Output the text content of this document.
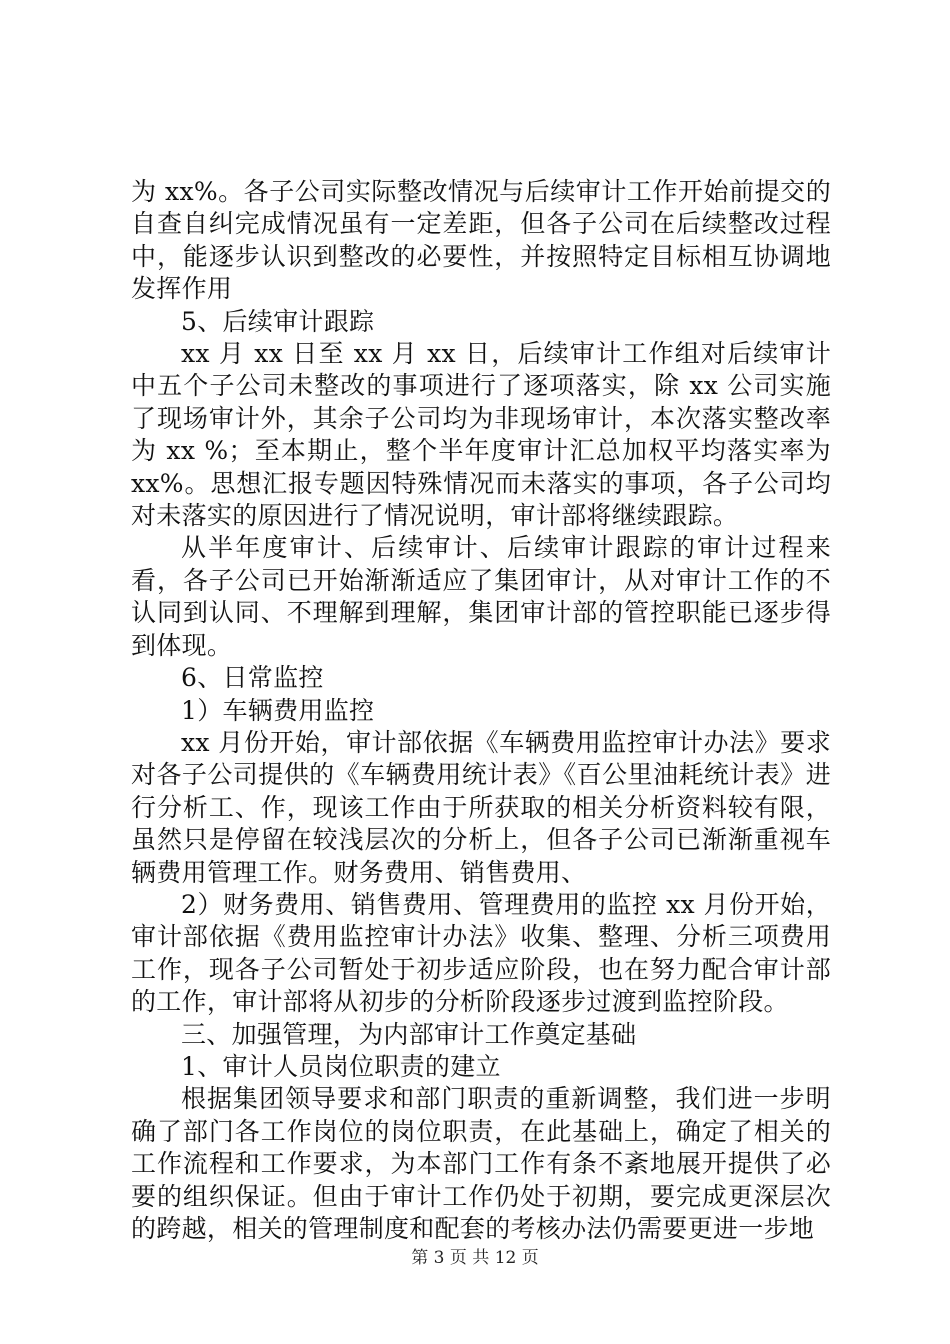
为 xx%。各子公司实际整改情况与后续审计工作开始前提交的自查自纠完成情况虽有一定差距，但各子公司在后续整改过程中，能逐步认识到整改的必要性，并按照特定目标相互协调地发挥作用

5、后续审计跟踪

xx 月 xx 日至 xx 月 xx 日，后续审计工作组对后续审计中五个子公司未整改的事项进行了逐项落实，除 xx 公司实施了现场审计外，其余子公司均为非现场审计，本次落实整改率为 xx %；至本期止，整个半年度审计汇总加权平均落实率为 xx%。思想汇报专题因特殊情况而未落实的事项，各子公司均对未落实的原因进行了情况说明，审计部将继续跟踪。

从半年度审计、后续审计、后续审计跟踪的审计过程来看，各子公司已开始渐渐适应了集团审计，从对审计工作的不认同到认同、不理解到理解，集团审计部的管控职能已逐步得到体现。

6、日常监控

1）车辆费用监控

xx 月份开始，审计部依据《车辆费用监控审计办法》要求对各子公司提供的《车辆费用统计表》《百公里油耗统计表》进行分析工、作，现该工作由于所获取的相关分析资料较有限，虽然只是停留在较浅层次的分析上，但各子公司已渐渐重视车辆费用管理工作。财务费用、销售费用、

2）财务费用、销售费用、管理费用的监控 xx 月份开始，审计部依据《费用监控审计办法》收集、整理、分析三项费用工作，现各子公司暂处于初步适应阶段，也在努力配合审计部的工作，审计部将从初步的分析阶段逐步过渡到监控阶段。

三、加强管理，为内部审计工作奠定基础

1、审计人员岗位职责的建立

根据集团领导要求和部门职责的重新调整，我们进一步明确了部门各工作岗位的岗位职责，在此基础上，确定了相关的工作流程和工作要求，为本部门工作有条不紊地展开提供了必要的组织保证。但由于审计工作仍处于初期，要完成更深层次的跨越，相关的管理制度和配套的考核办法仍需要更进一步地

第 3 页 共 12 页
